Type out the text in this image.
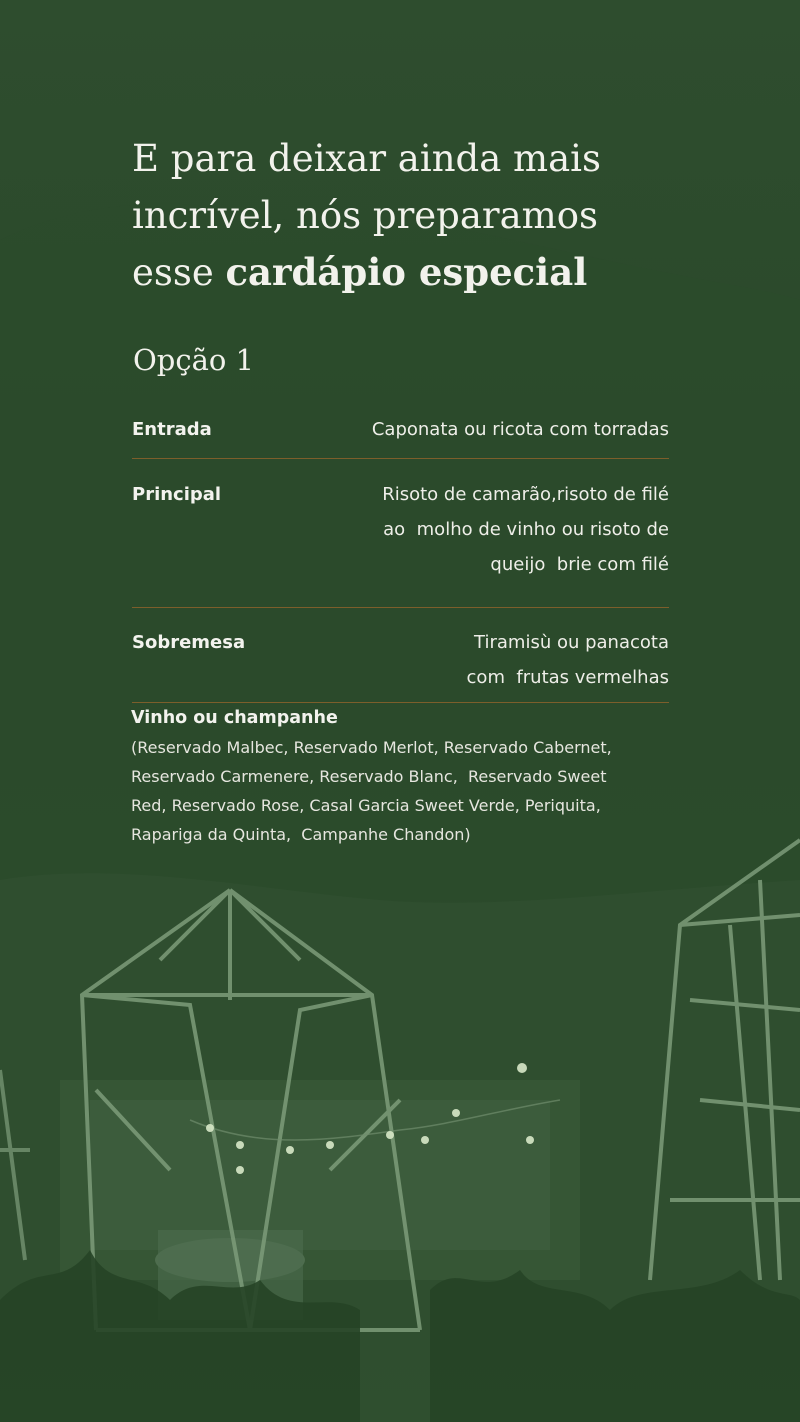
E para deixar ainda mais
incrível, nós preparamos
esse cardápio especial
Opção 1
Entrada	Caponata ou ricota com torradas
Principal	Risoto de camarão,risoto de filé
ao  molho de vinho ou risoto de
queijo  brie com filé
Sobremesa	Tiramisù ou panacota
com  frutas vermelhas

Vinho ou champanhe

(Reservado Malbec, Reservado Merlot, Reservado Cabernet,
Reservado Carmenere, Reservado Blanc,  Reservado Sweet
Red, Reservado Rose, Casal Garcia Sweet Verde, Periquita,
Rapariga da Quinta,  Campanhe Chandon)
